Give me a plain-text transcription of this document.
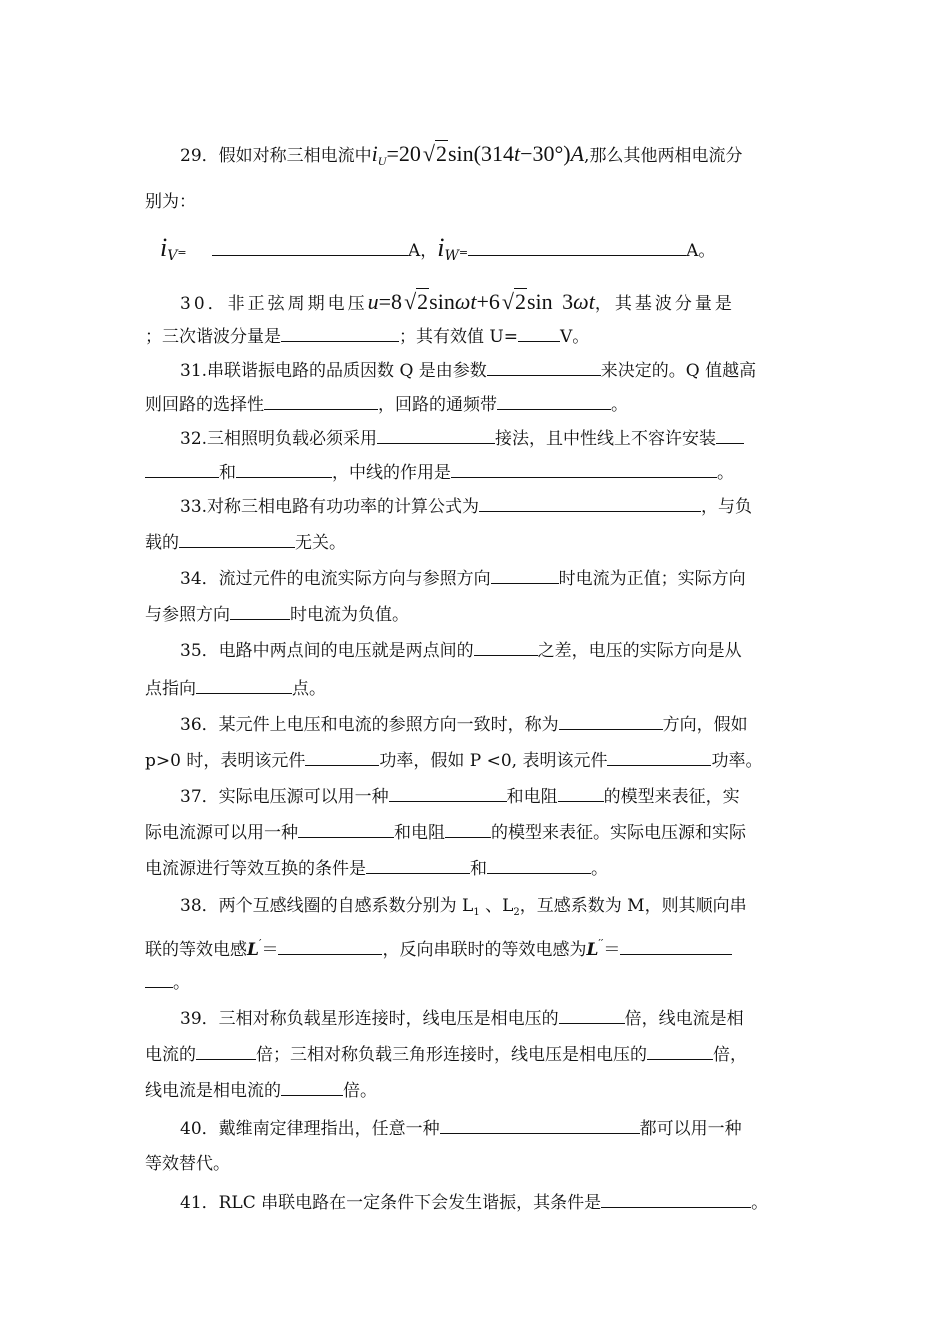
29．假如对称三相电流中$i_U=20√2\sin(314t-30^\circ)A$,那么其他两相电流分
别为：
$i_V=$	A，$i_W=$	A。
30．非正弦周期电压u=8√2sinωt+6√2sin 3ωt，其基波分量是
；三次谐波分量是	；其有效值 U= V。
31.串联谐振电路的品质因数 Q 是由参数	来决定的。Q 值越高
则回路的选择性	，回路的通频带	。
32.三相照明负载必须采用	接法，且中性线上不容许安装
和	，中线的作用是	。
33.对称三相电路有功功率的计算公式为	，与负
载的	无关。
34．流过元件的电流实际方向与参照方向	时电流为正值；实际方向
与参照方向	时电流为负值。
35．电路中两点间的电压就是两点间的	之差，电压的实际方向是从
点指向	点。
36．某元件上电压和电流的参照方向一致时，称为	方向，假如
p>0 时，表明该元件	功率，假如 P <0, 表明该元件	功率。
37．实际电压源可以用一种	和电阻	的模型来表征，实
际电流源可以用一种	和电阻	的模型来表征。实际电压源和实际
电流源进行等效互换的条件是	和	。
38．两个互感线圈的自感系数分别为 $L_1$ 、$L_2$，互感系数为 M，则其顺向串
联的等效电感L′＝	，反向串联时的等效电感为L′′＝
。
39．三相对称负载星形连接时，线电压是相电压的	倍，线电流是相
电流的	倍；三相对称负载三角形连接时，线电压是相电压的	倍，
线电流是相电流的	倍。
40．戴维南定律理指出，任意一种	都可以用一种
等效替代。
41．RLC 串联电路在一定条件下会发生谐振，其条件是	。
